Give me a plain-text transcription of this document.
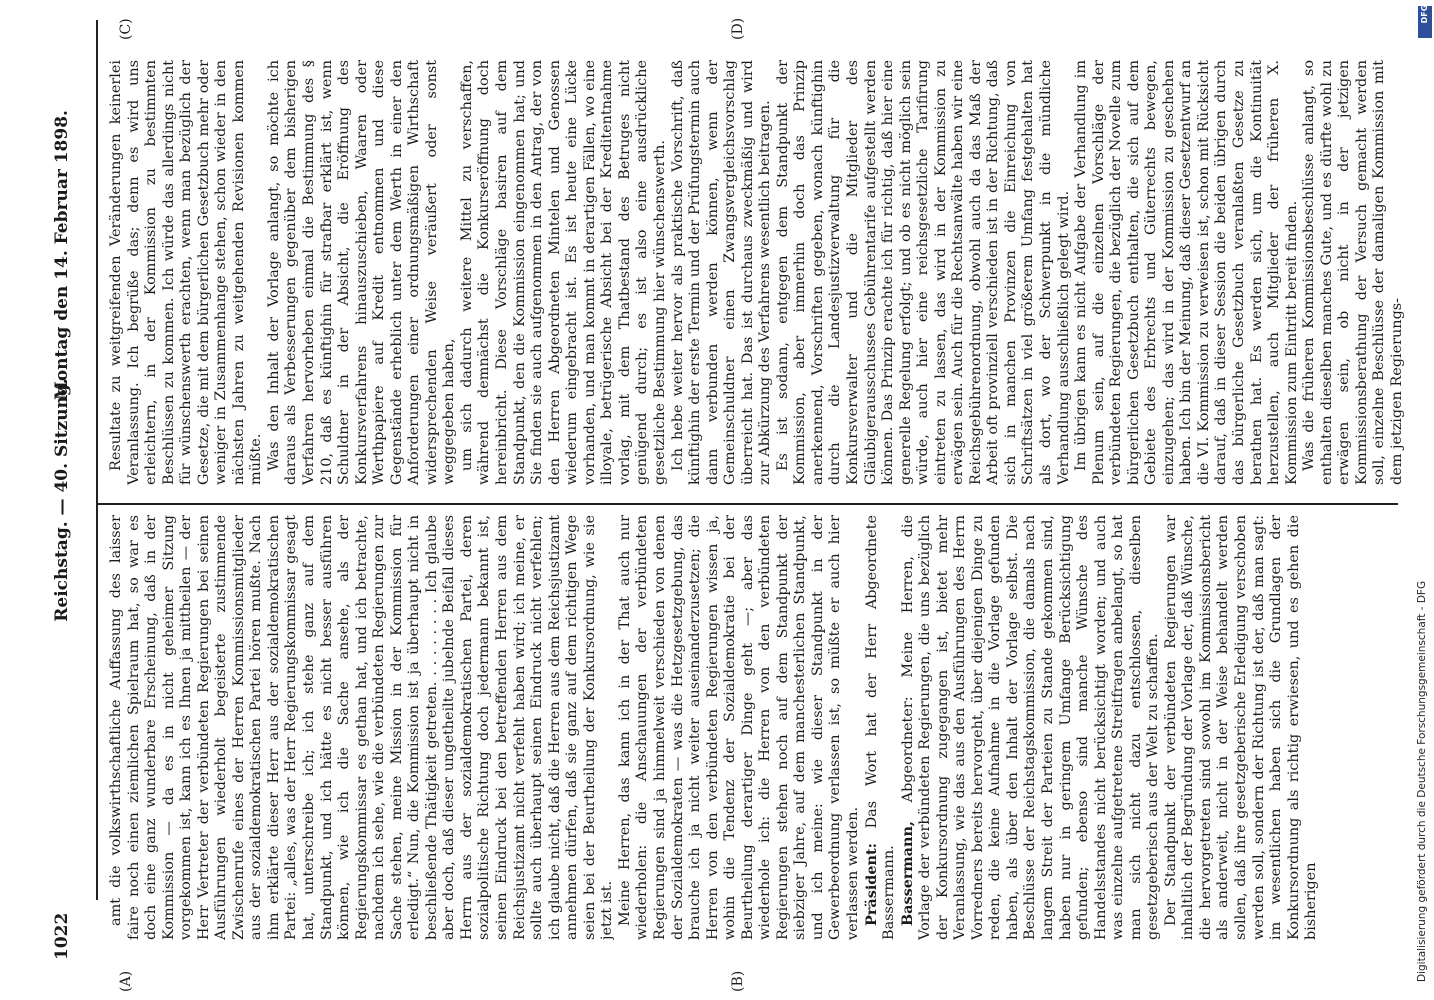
1022
Reichstag. — 40. Sitzung.
Montag den 14. Februar 1898.
(A)	(B)
(C)	(D)

amt die volkswirthschaftliche Auffassung des laisser faire noch einen ziemlichen Spielraum hat, so war es doch eine ganz wunderbare Erscheinung, daß in der Kommission — da es in nicht geheimer Sitzung vorgekommen ist, kann ich es Ihnen ja mittheilen — der Herr Vertreter der verbündeten Regierungen bei seinen Ausführungen wiederholt begeisterte zustimmende Zwischenrufe eines der Herren Kommissionsmitglieder aus der sozialdemokratischen Partei hören mußte. Nach ihm erklärte dieser Herr aus der sozialdemokratischen Partei: „alles, was der Herr Regierungskommissar gesagt hat, unterschreibe ich; ich stehe ganz auf dem Standpunkt, und ich hätte es nicht besser ausführen können, wie ich die Sache ansehe, als der Regierungskommissar es gethan hat, und ich betrachte, nachdem ich sehe, wie die verbündeten Regierungen zur Sache stehen, meine Mission in der Kommission für erledigt.“ Nun, die Kommission ist ja überhaupt nicht in beschließende Thätigkeit getreten. . . . . . . . . Ich glaube aber doch, daß dieser ungetheilte jubelnde Beifall dieses Herrn aus der sozialdemokratischen Partei, deren sozialpolitische Richtung doch jedermann bekannt ist, seinen Eindruck bei den betreffenden Herren aus dem Reichsjustizamt nicht verfehlt haben wird; ich meine, er sollte auch überhaupt seinen Eindruck nicht verfehlen; ich glaube nicht, daß die Herren aus dem Reichsjustizamt annehmen dürfen, daß sie ganz auf dem richtigen Wege seien bei der Beurtheilung der Konkursordnung, wie sie jetzt ist. Meine Herren, das kann ich in der That auch nur wiederholen: die Anschauungen der verbündeten Regierungen sind ja himmelweit verschieden von denen der Sozialdemokraten — was die Hetzgesetzgebung, das brauche ich ja nicht weiter auseinanderzusetzen; die Herren von den verbündeten Regierungen wissen ja, wohin die Tendenz der Sozialdemokratie bei der Beurtheilung derartiger Dinge geht —; aber das wiederhole ich: die Herren von den verbündeten Regierungen stehen noch auf dem Standpunkt der siebziger Jahre, auf dem manchesterlichen Standpunkt, und ich meine: wie dieser Standpunkt in der Gewerbeordnung verlassen ist, so müßte er auch hier verlassen werden. Präsident: Das Wort hat der Herr Abgeordnete Bassermann. Bassermann, Abgeordneter: Meine Herren, die Vorlage der verbündeten Regierungen, die uns bezüglich der Konkursordnung zugegangen ist, bietet mehr Veranlassung, wie das aus den Ausführungen des Herrn Vorredners bereits hervorgeht, über diejenigen Dinge zu reden, die keine Aufnahme in die Vorlage gefunden haben, als über den Inhalt der Vorlage selbst. Die Beschlüsse der Reichstagskommission, die damals nach langem Streit der Parteien zu Stande gekommen sind, haben nur in geringem Umfange Berücksichtigung gefunden; ebenso sind manche Wünsche des Handelsstandes nicht berücksichtigt worden; und auch was einzelne aufgetretene Streitfragen anbelangt, so hat man sich nicht dazu entschlossen, dieselben gesetzgeberisch aus der Welt zu schaffen. Der Standpunkt der verbündeten Regierungen war inhaltlich der Begründung der Vorlage der, daß Wünsche, die hervorgetreten sind sowohl im Kommissionsbericht als anderweit, nicht in der Weise behandelt werden sollen, daß ihre gesetzgeberische Erledigung verschoben werden soll, sondern der Richtung ist der, daß man sagt: im wesentlichen haben sich die Grundlagen der Konkursordnung als richtig erwiesen, und es gehen die bisherigen

Resultate zu weitgreifenden Veränderungen keinerlei Veranlassung. Ich begrüße das; denn es wird uns erleichtern, in der Kommission zu bestimmten Beschlüssen zu kommen. Ich würde das allerdings nicht für wünschenswerth erachten, wenn man bezüglich der Gesetze, die mit dem bürgerlichen Gesetzbuch mehr oder weniger in Zusammenhange stehen, schon wieder in den nächsten Jahren zu weitgehenden Revisionen kommen müßte. Was den Inhalt der Vorlage anlangt, so möchte ich daraus als Verbesserungen gegenüber dem bisherigen Verfahren hervorheben einmal die Bestimmung des § 210, daß es künftighin für strafbar erklärt ist, wenn Schuldner in der Absicht, die Eröffnung des Konkursverfahrens hinauszuschieben, Waaren oder Werthpapiere auf Kredit entnommen und diese Gegenstände erheblich unter dem Werth in einer den Anforderungen einer ordnungsmäßigen Wirthschaft widersprechenden Weise veräußert oder sonst weggegeben haben, um sich dadurch weitere Mittel zu verschaffen, während demnächst die Konkurseröffnung doch hereinbricht. Diese Vorschläge basiren auf dem Standpunkt, den die Kommission eingenommen hat; und Sie finden sie auch aufgenommen in den Antrag, der von den Herren Abgeordneten Mintelen und Genossen wiederum eingebracht ist. Es ist heute eine Lücke vorhanden, und man kommt in derartigen Fällen, wo eine illoyale, betrügerische Absicht bei der Kreditentnahme vorlag, mit dem Thatbestand des Betruges nicht genügend durch; es ist also eine ausdrückliche gesetzliche Bestimmung hier wünschenswerth. Ich hebe weiter hervor als praktische Vorschrift, daß künftighin der erste Termin und der Prüfungstermin auch dann verbunden werden können, wenn der Gemeinschuldner einen Zwangsvergleichsvorschlag überreicht hat. Das ist durchaus zweckmäßig und wird zur Abkürzung des Verfahrens wesentlich beitragen. Es ist sodann, entgegen dem Standpunkt der Kommission, aber immerhin doch das Prinzip anerkennend, Vorschriften gegeben, wonach künftighin durch die Landesjustizverwaltung für die Konkursverwalter und die Mitglieder des Gläubigerausschusses Gebührentarife aufgestellt werden können. Das Prinzip erachte ich für richtig, daß hier eine generelle Regelung erfolgt; und ob es nicht möglich sein würde, auch hier eine reichsgesetzliche Tarifirung eintreten zu lassen, das wird in der Kommission zu erwägen sein. Auch für die Rechtsanwälte haben wir eine Reichsgebührenordnung, obwohl auch da das Maß der Arbeit oft provinziell verschieden ist in der Richtung, daß sich in manchen Provinzen die Einreichung von Schriftsätzen in viel größerem Umfang festgehalten hat als dort, wo der Schwerpunkt in die mündliche Verhandlung ausschließlich gelegt wird. Im übrigen kann es nicht Aufgabe der Verhandlung im Plenum sein, auf die einzelnen Vorschläge der verbündeten Regierungen, die bezüglich der Novelle zum bürgerlichen Gesetzbuch enthalten, die sich auf dem Gebiete des Erbrechts und Güterrechts bewegen, einzugehen; das wird in der Kommission zu geschehen haben. Ich bin der Meinung, daß dieser Gesetzentwurf an die VI. Kommission zu verweisen ist, schon mit Rücksicht darauf, daß in dieser Session die beiden übrigen durch das bürgerliche Gesetzbuch veranlaßten Gesetze zu berathen hat. Es werden sich, um die Kontinuität herzustellen, auch Mitglieder der früheren X. Kommission zum Eintritt bereit finden. Was die früheren Kommissionsbeschlüsse anlangt, so enthalten dieselben manches Gute, und es dürfte wohl zu erwägen sein, ob nicht in der jetzigen Kommissionsberathung der Versuch gemacht werden soll, einzelne Beschlüsse der damaligen Kommission mit dem jetzigen Regierungs-

Digitalisierung gefördert durch die Deutsche Forschungsgemeinschaft - DFG
DFG
